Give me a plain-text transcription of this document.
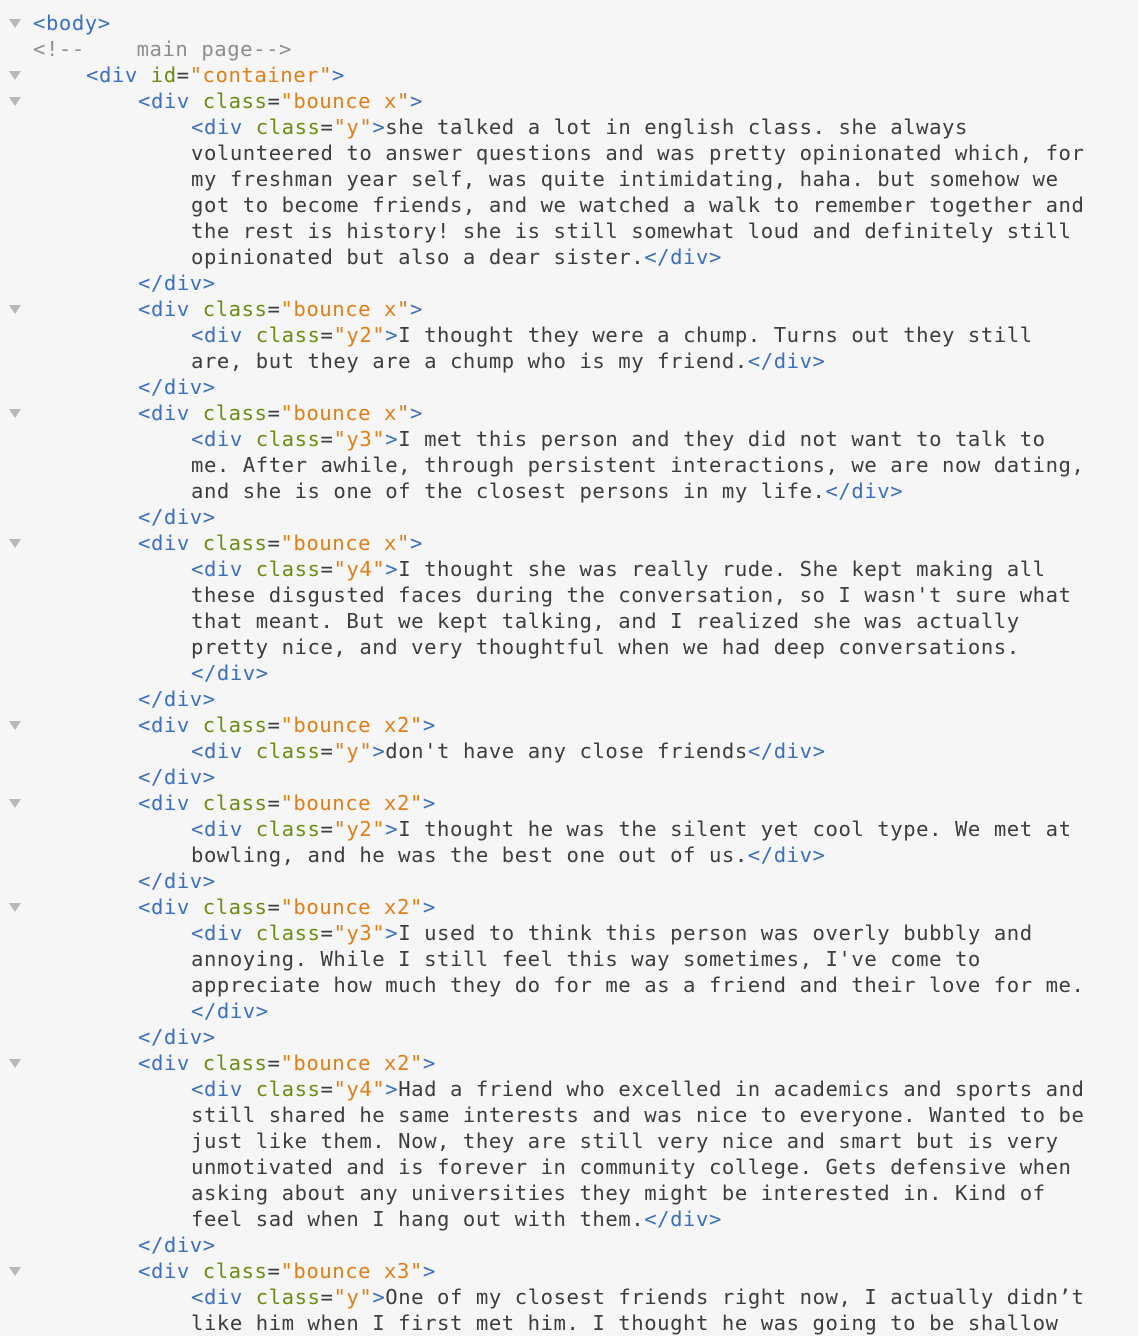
<body>
<!--    main page-->
<div id="container">
<div class="bounce x">
<div class="y">she talked a lot in english class. she always
volunteered to answer questions and was pretty opinionated which, for
my freshman year self, was quite intimidating, haha. but somehow we
got to become friends, and we watched a walk to remember together and
the rest is history! she is still somewhat loud and definitely still
opinionated but also a dear sister.</div>
</div>
<div class="bounce x">
<div class="y2">I thought they were a chump. Turns out they still
are, but they are a chump who is my friend.</div>
</div>
<div class="bounce x">
<div class="y3">I met this person and they did not want to talk to
me. After awhile, through persistent interactions, we are now dating,
and she is one of the closest persons in my life.</div>
</div>
<div class="bounce x">
<div class="y4">I thought she was really rude. She kept making all
these disgusted faces during the conversation, so I wasn't sure what
that meant. But we kept talking, and I realized she was actually
pretty nice, and very thoughtful when we had deep conversations.
</div>
</div>
<div class="bounce x2">
<div class="y">don't have any close friends</div>
</div>
<div class="bounce x2">
<div class="y2">I thought he was the silent yet cool type. We met at
bowling, and he was the best one out of us.</div>
</div>
<div class="bounce x2">
<div class="y3">I used to think this person was overly bubbly and
annoying. While I still feel this way sometimes, I've come to
appreciate how much they do for me as a friend and their love for me.
</div>
</div>
<div class="bounce x2">
<div class="y4">Had a friend who excelled in academics and sports and
still shared he same interests and was nice to everyone. Wanted to be
just like them. Now, they are still very nice and smart but is very
unmotivated and is forever in community college. Gets defensive when
asking about any universities they might be interested in. Kind of
feel sad when I hang out with them.</div>
</div>
<div class="bounce x3">
<div class="y">One of my closest friends right now, I actually didn’t
like him when I first met him. I thought he was going to be shallow
